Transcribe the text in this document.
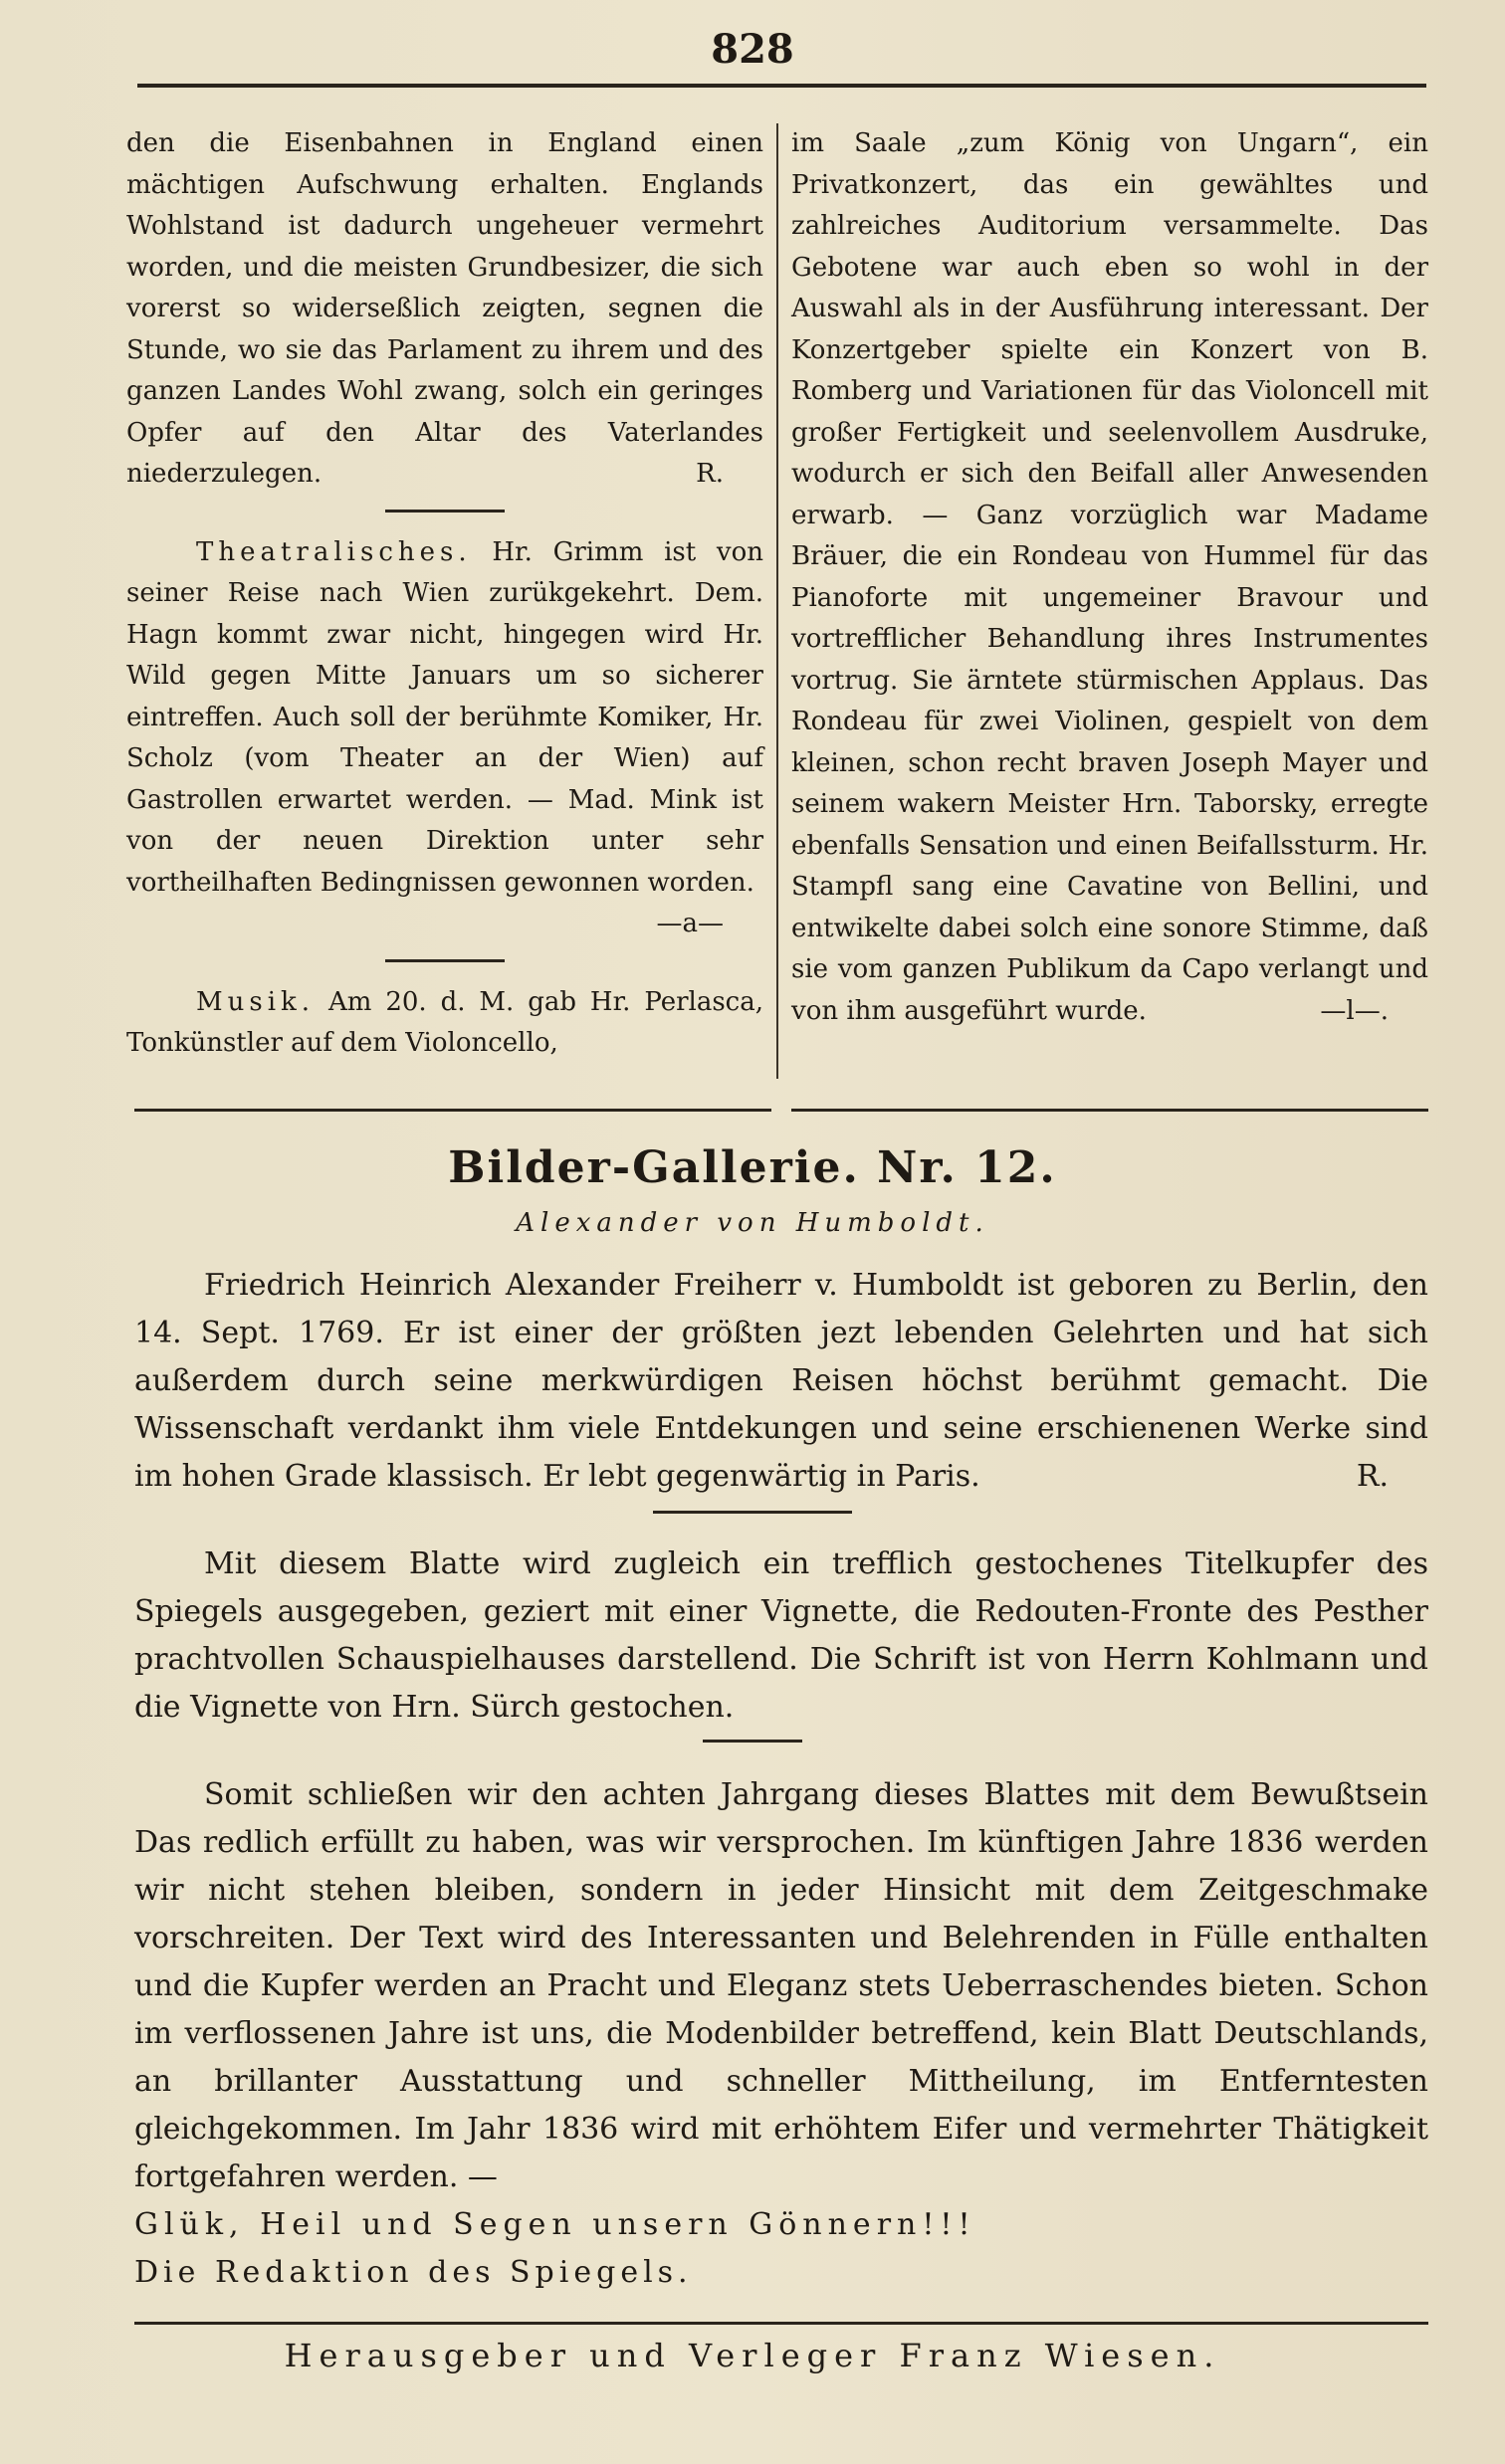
828

den die Eisenbahnen in England einen mächtigen Aufschwung erhalten. Englands Wohlstand ist dadurch ungeheuer vermehrt worden, und die meisten Grundbesizer, die sich vorerst so widerseßlich zeigten, segnen die Stunde, wo sie das Parlament zu ihrem und des ganzen Landes Wohl zwang, solch ein geringes Opfer auf den Altar des Vaterlandes niederzulegen.	R.

Theatralisches. Hr. Grimm ist von seiner Reise nach Wien zurükgekehrt. Dem. Hagn kommt zwar nicht, hingegen wird Hr. Wild gegen Mitte Januars um so sicherer eintreffen. Auch soll der berühmte Komiker, Hr. Scholz (vom Theater an der Wien) auf Gastrollen erwartet werden. — Mad. Mink ist von der neuen Direktion unter sehr vortheilhaften Bedingnissen gewonnen worden.
—a—

Musik. Am 20. d. M. gab Hr. Perlasca, Tonkünstler auf dem Violoncello,

im Saale „zum König von Ungarn“, ein Privatkonzert, das ein gewähltes und zahlreiches Auditorium versammelte. Das Gebotene war auch eben so wohl in der Auswahl als in der Ausführung interessant. Der Konzertgeber spielte ein Konzert von B. Romberg und Variationen für das Violoncell mit großer Fertigkeit und seelenvollem Ausdruke, wodurch er sich den Beifall aller Anwesenden erwarb. — Ganz vorzüglich war Madame Bräuer, die ein Rondeau von Hummel für das Pianoforte mit ungemeiner Bravour und vortrefflicher Behandlung ihres Instrumentes vortrug. Sie ärntete stürmischen Applaus. Das Rondeau für zwei Violinen, gespielt von dem kleinen, schon recht braven Joseph Mayer und seinem wakern Meister Hrn. Taborsky, erregte ebenfalls Sensation und einen Beifallssturm. Hr. Stampfl sang eine Cavatine von Bellini, und entwikelte dabei solch eine sonore Stimme, daß sie vom ganzen Publikum da Capo verlangt und von ihm ausgeführt wurde.	—l—.

Bilder-Gallerie. Nr. 12.
Alexander von Humboldt.

Friedrich Heinrich Alexander Freiherr v. Humboldt ist geboren zu Berlin, den 14. Sept. 1769. Er ist einer der größten jezt lebenden Gelehrten und hat sich außerdem durch seine merkwürdigen Reisen höchst berühmt gemacht. Die Wissenschaft verdankt ihm viele Entdekungen und seine erschienenen Werke sind im hohen Grade klassisch. Er lebt gegenwärtig in Paris.	R.

Mit diesem Blatte wird zugleich ein trefflich gestochenes Titelkupfer des Spiegels ausgegeben, geziert mit einer Vignette, die Redouten-Fronte des Pesther prachtvollen Schauspielhauses darstellend. Die Schrift ist von Herrn Kohlmann und die Vignette von Hrn. Sürch gestochen.

Somit schließen wir den achten Jahrgang dieses Blattes mit dem Bewußtsein Das redlich erfüllt zu haben, was wir versprochen. Im künftigen Jahre 1836 werden wir nicht stehen bleiben, sondern in jeder Hinsicht mit dem Zeitgeschmake vorschreiten. Der Text wird des Interessanten und Belehrenden in Fülle enthalten und die Kupfer werden an Pracht und Eleganz stets Ueberraschendes bieten. Schon im verflossenen Jahre ist uns, die Modenbilder betreffend, kein Blatt Deutschlands, an brillanter Ausstattung und schneller Mittheilung, im Entferntesten gleichgekommen. Im Jahr 1836 wird mit erhöhtem Eifer und vermehrter Thätigkeit fortgefahren werden. —

Glük, Heil und Segen unsern Gönnern!!!

Die Redaktion des Spiegels.

Herausgeber und Verleger Franz Wiesen.
